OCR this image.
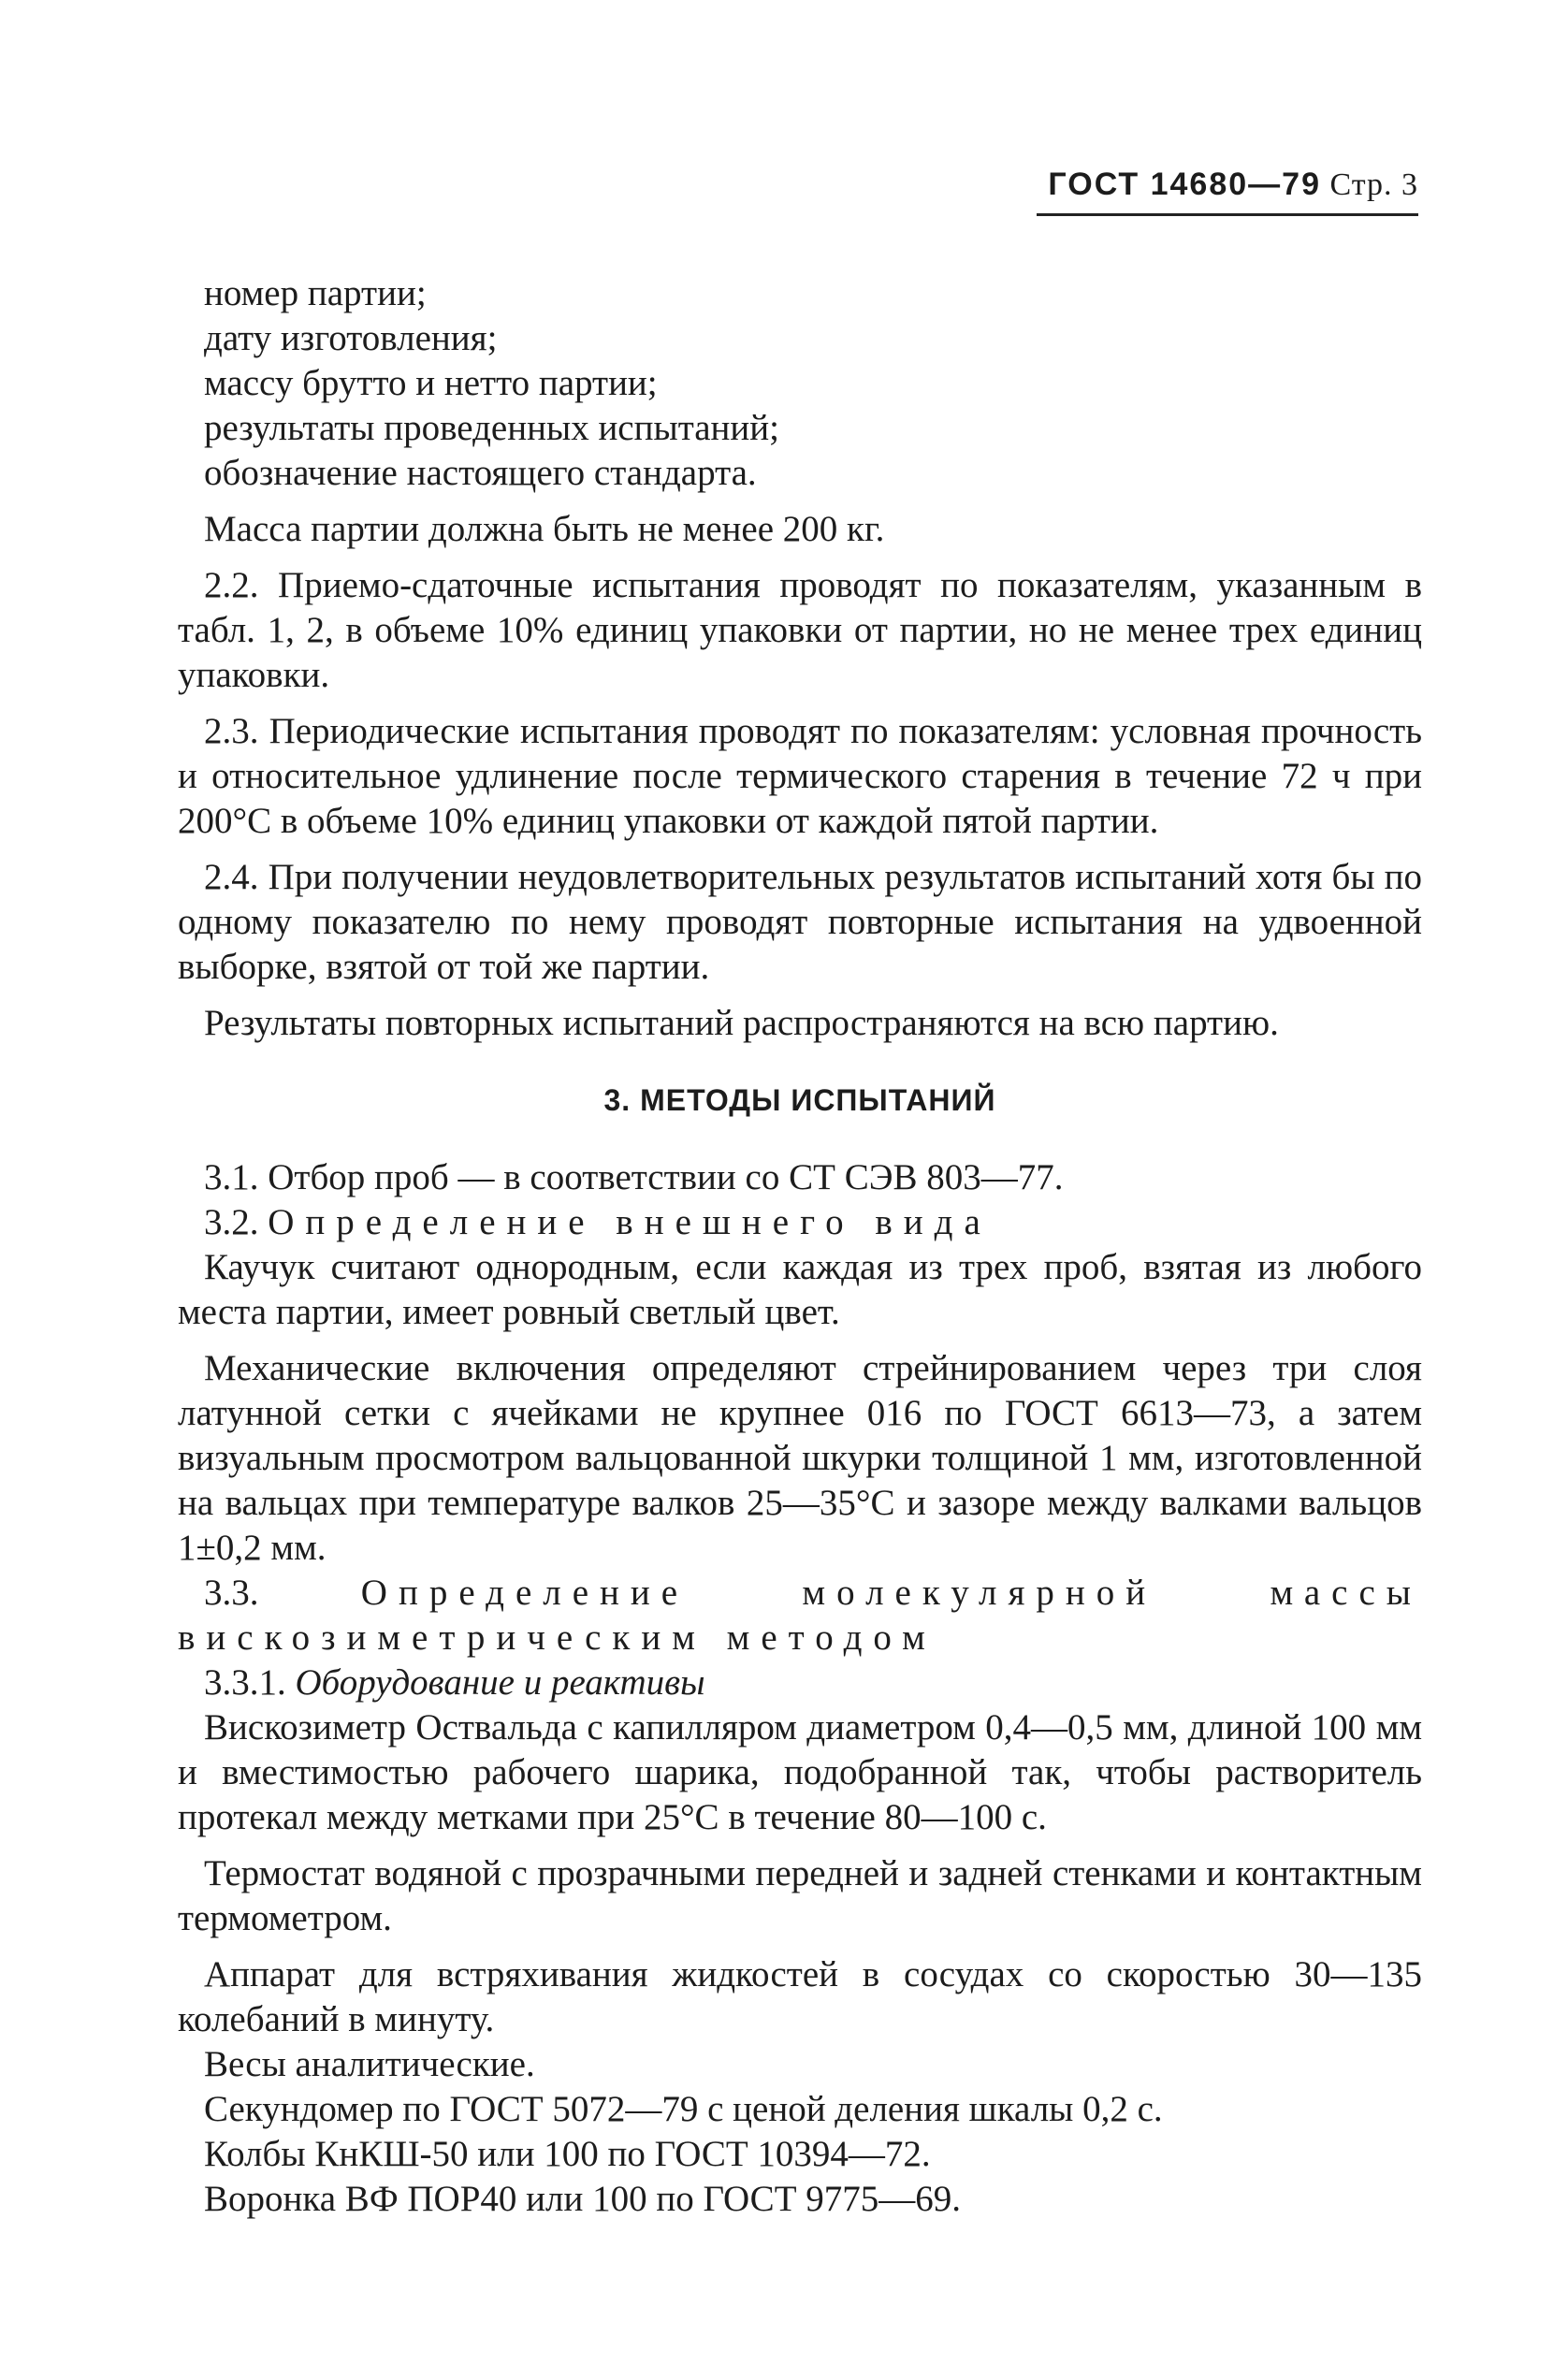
ГОСТ 14680—79 Стр. 3

номер партии;

дату изготовления;

массу брутто и нетто партии;

результаты проведенных испытаний;

обозначение настоящего стандарта.

Масса партии должна быть не менее 200 кг.

2.2. Приемо-сдаточные испытания проводят по показателям, указанным в табл. 1, 2, в объеме 10% единиц упаковки от партии, но не менее трех единиц упаковки.

2.3. Периодические испытания проводят по показателям: условная прочность и относительное удлинение после термического старения в течение 72 ч при 200°С в объеме 10% единиц упаковки от каждой пятой партии.

2.4. При получении неудовлетворительных результатов испытаний хотя бы по одному показателю по нему проводят повторные испытания на удвоенной выборке, взятой от той же партии.

Результаты повторных испытаний распространяются на всю партию.

3. МЕТОДЫ ИСПЫТАНИЙ

3.1. Отбор проб — в соответствии со СТ СЭВ 803—77.

3.2. Определение внешнего вида

Каучук считают однородным, если каждая из трех проб, взятая из любого места партии, имеет ровный светлый цвет.

Механические включения определяют стрейнированием через три слоя латунной сетки с ячейками не крупнее 016 по ГОСТ 6613—73, а затем визуальным просмотром вальцованной шкурки толщиной 1 мм, изготовленной на вальцах при температуре валков 25—35°С и зазоре между валками вальцов 1±0,2 мм.

3.3.	Определение молекулярной массы вискозиметрическим методом

3.3.1. Оборудование и реактивы

Вискозиметр Оствальда с капилляром диаметром 0,4—0,5 мм, длиной 100 мм и вместимостью рабочего шарика, подобранной так, чтобы растворитель протекал между метками при 25°С в течение 80—100 с.

Термостат водяной с прозрачными передней и задней стенками и контактным термометром.

Аппарат для встряхивания жидкостей в сосудах со скоростью 30—135 колебаний в минуту.

Весы аналитические.

Секундомер по ГОСТ 5072—79 с ценой деления шкалы 0,2 с.

Колбы КнКШ-50 или 100 по ГОСТ 10394—72.

Воронка ВФ ПОР40 или 100 по ГОСТ 9775—69.
